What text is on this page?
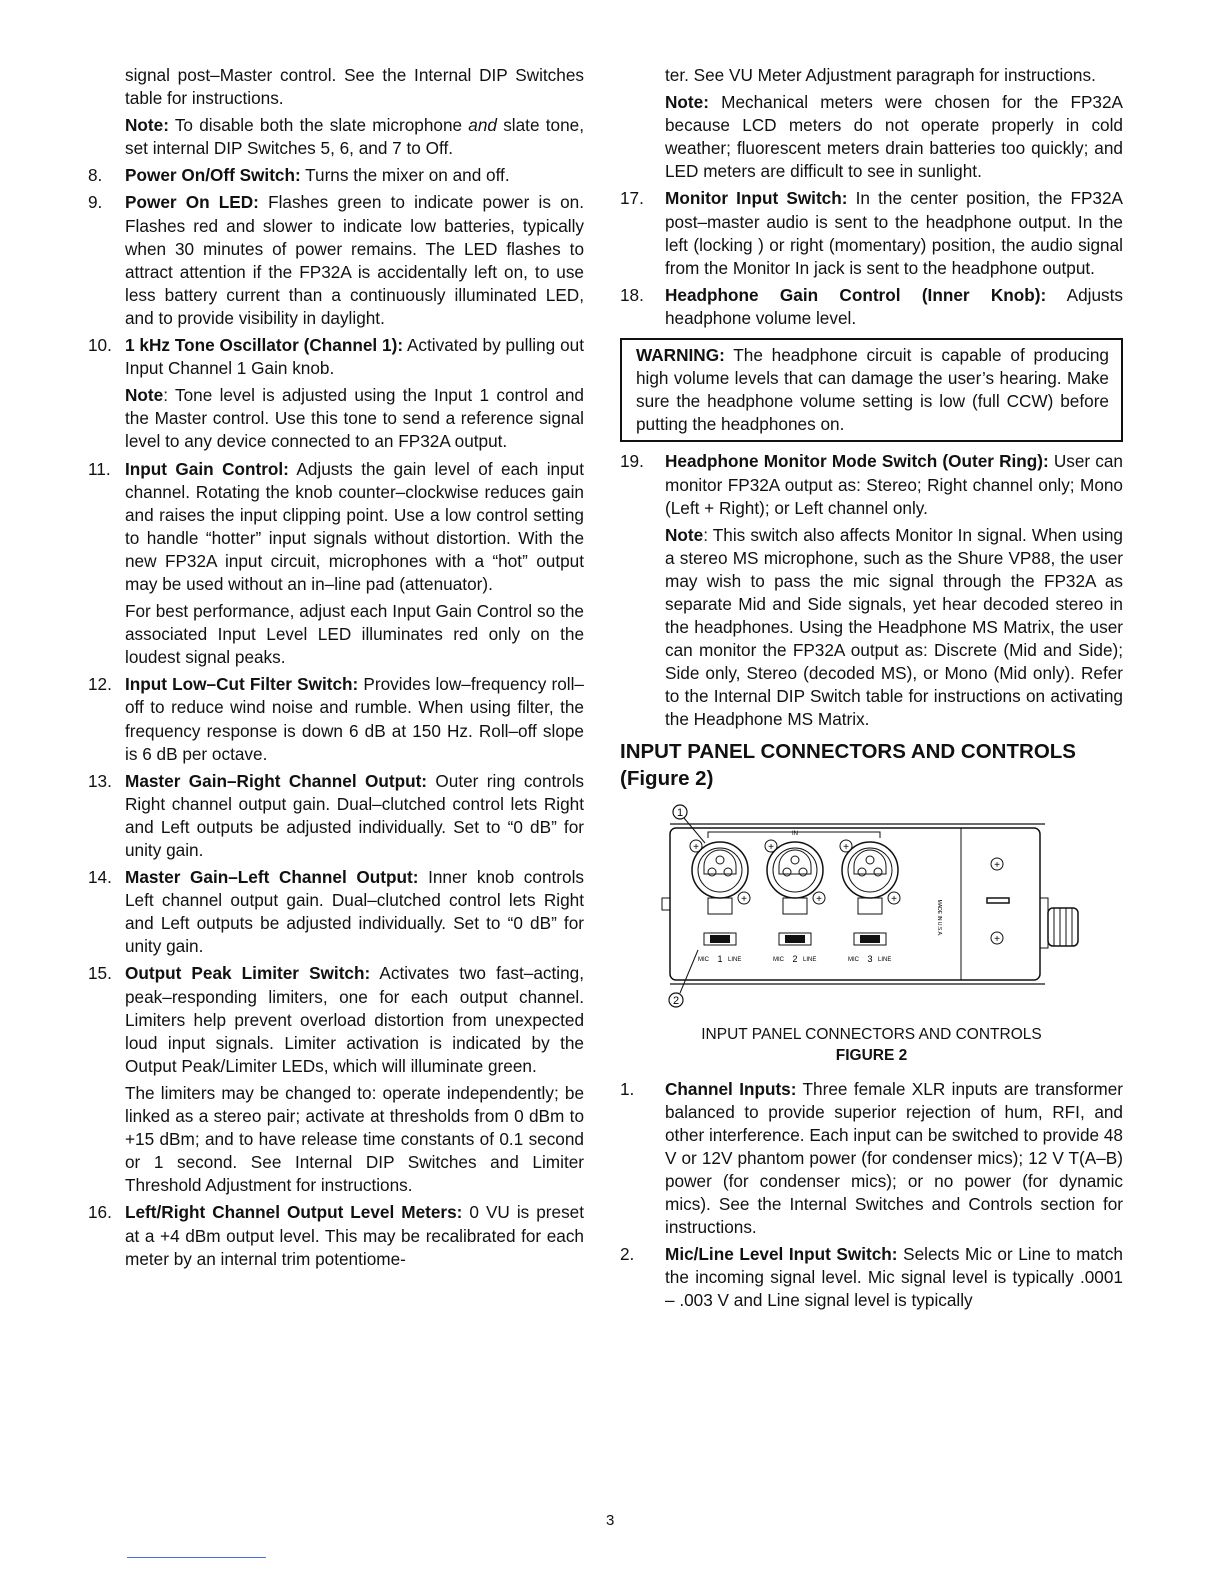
signal post–Master control. See the Internal DIP Switches table for instructions.

Note: To disable both the slate microphone and slate tone, set internal DIP Switches 5, 6, and 7 to Off.

8. Power On/Off Switch: Turns the mixer on and off.

9. Power On LED: Flashes green to indicate power is on. Flashes red and slower to indicate low batteries, typically when 30 minutes of power remains. The LED flashes to attract attention if the FP32A is accidentally left on, to use less battery current than a continuously illuminated LED, and to provide visibility in daylight.

10. 1 kHz Tone Oscillator (Channel 1): Activated by pulling out Input Channel 1 Gain knob.

Note: Tone level is adjusted using the Input 1 control and the Master control. Use this tone to send a reference signal level to any device connected to an FP32A output.

11. Input Gain Control: Adjusts the gain level of each input channel. Rotating the knob counter–clockwise reduces gain and raises the input clipping point. Use a low control setting to handle “hotter” input signals without distortion. With the new FP32A input circuit, microphones with a “hot” output may be used without an in–line pad (attenuator).

For best performance, adjust each Input Gain Control so the associated Input Level LED illuminates red only on the loudest signal peaks.

12. Input Low–Cut Filter Switch: Provides low–frequency roll–off to reduce wind noise and rumble. When using filter, the frequency response is down 6 dB at 150 Hz. Roll–off slope is 6 dB per octave.

13. Master Gain–Right Channel Output: Outer ring controls Right channel output gain. Dual–clutched control lets Right and Left outputs be adjusted individually. Set to “0 dB” for unity gain.

14. Master Gain–Left Channel Output: Inner knob controls Left channel output gain. Dual–clutched control lets Right and Left outputs be adjusted individually. Set to “0 dB” for unity gain.

15. Output Peak Limiter Switch: Activates two fast–acting, peak–responding limiters, one for each output channel. Limiters help prevent overload distortion from unexpected loud input signals. Limiter activation is indicated by the Output Peak/Limiter LEDs, which will illuminate green.

The limiters may be changed to: operate independently; be linked as a stereo pair; activate at thresholds from 0 dBm to +15 dBm; and to have release time constants of 0.1 second or 1 second. See Internal DIP Switches and Limiter Threshold Adjustment for instructions.

16. Left/Right Channel Output Level Meters: 0 VU is preset at a +4 dBm output level. This may be recalibrated for each meter by an internal trim potentiome-

ter. See VU Meter Adjustment paragraph for instructions.

Note: Mechanical meters were chosen for the FP32A because LCD meters do not operate properly in cold weather; fluorescent meters drain batteries too quickly; and LED meters are difficult to see in sunlight.

17. Monitor Input Switch: In the center position, the FP32A post–master audio is sent to the headphone output. In the left (locking ) or right (momentary) position, the audio signal from the Monitor In jack is sent to the headphone output.

18. Headphone Gain Control (Inner Knob): Adjusts headphone volume level.

WARNING: The headphone circuit is capable of producing high volume levels that can damage the user’s hearing. Make sure the headphone volume setting is low (full CCW) before putting the headphones on.

19. Headphone Monitor Mode Switch (Outer Ring): User can monitor FP32A output as: Stereo; Right channel only; Mono (Left + Right); or Left channel only.

Note: This switch also affects Monitor In signal. When using a stereo MS microphone, such as the Shure VP88, the user may wish to pass the mic signal through the FP32A as separate Mid and Side signals, yet hear decoded stereo in the headphones. Using the Headphone MS Matrix, the user can monitor the FP32A output as: Discrete (Mid and Side); Side only, Stereo (decoded MS), or Mono (Mid only). Refer to the Internal DIP Switch table for instructions on activating the Headphone MS Matrix.

INPUT PANEL CONNECTORS AND CONTROLS
(Figure 2)
1
IN
+
+
MIC 1 LINE
+
+
MIC 2 LINE
+
+
MIC 3 LINE
MADE IN U.S.A.
+
+
2
INPUT PANEL CONNECTORS AND CONTROLS
FIGURE 2
1. Channel Inputs: Three female XLR inputs are transformer balanced to provide superior rejection of hum, RFI, and other interference. Each input can be switched to provide 48 V or 12V phantom power (for condenser mics); 12 V T(A–B) power (for condenser mics); or no power (for dynamic mics). See the Internal Switches and Controls section for instructions.

2. Mic/Line Level Input Switch: Selects Mic or Line to match the incoming signal level. Mic signal level is typically .0001 – .003 V and Line signal level is typically

3
